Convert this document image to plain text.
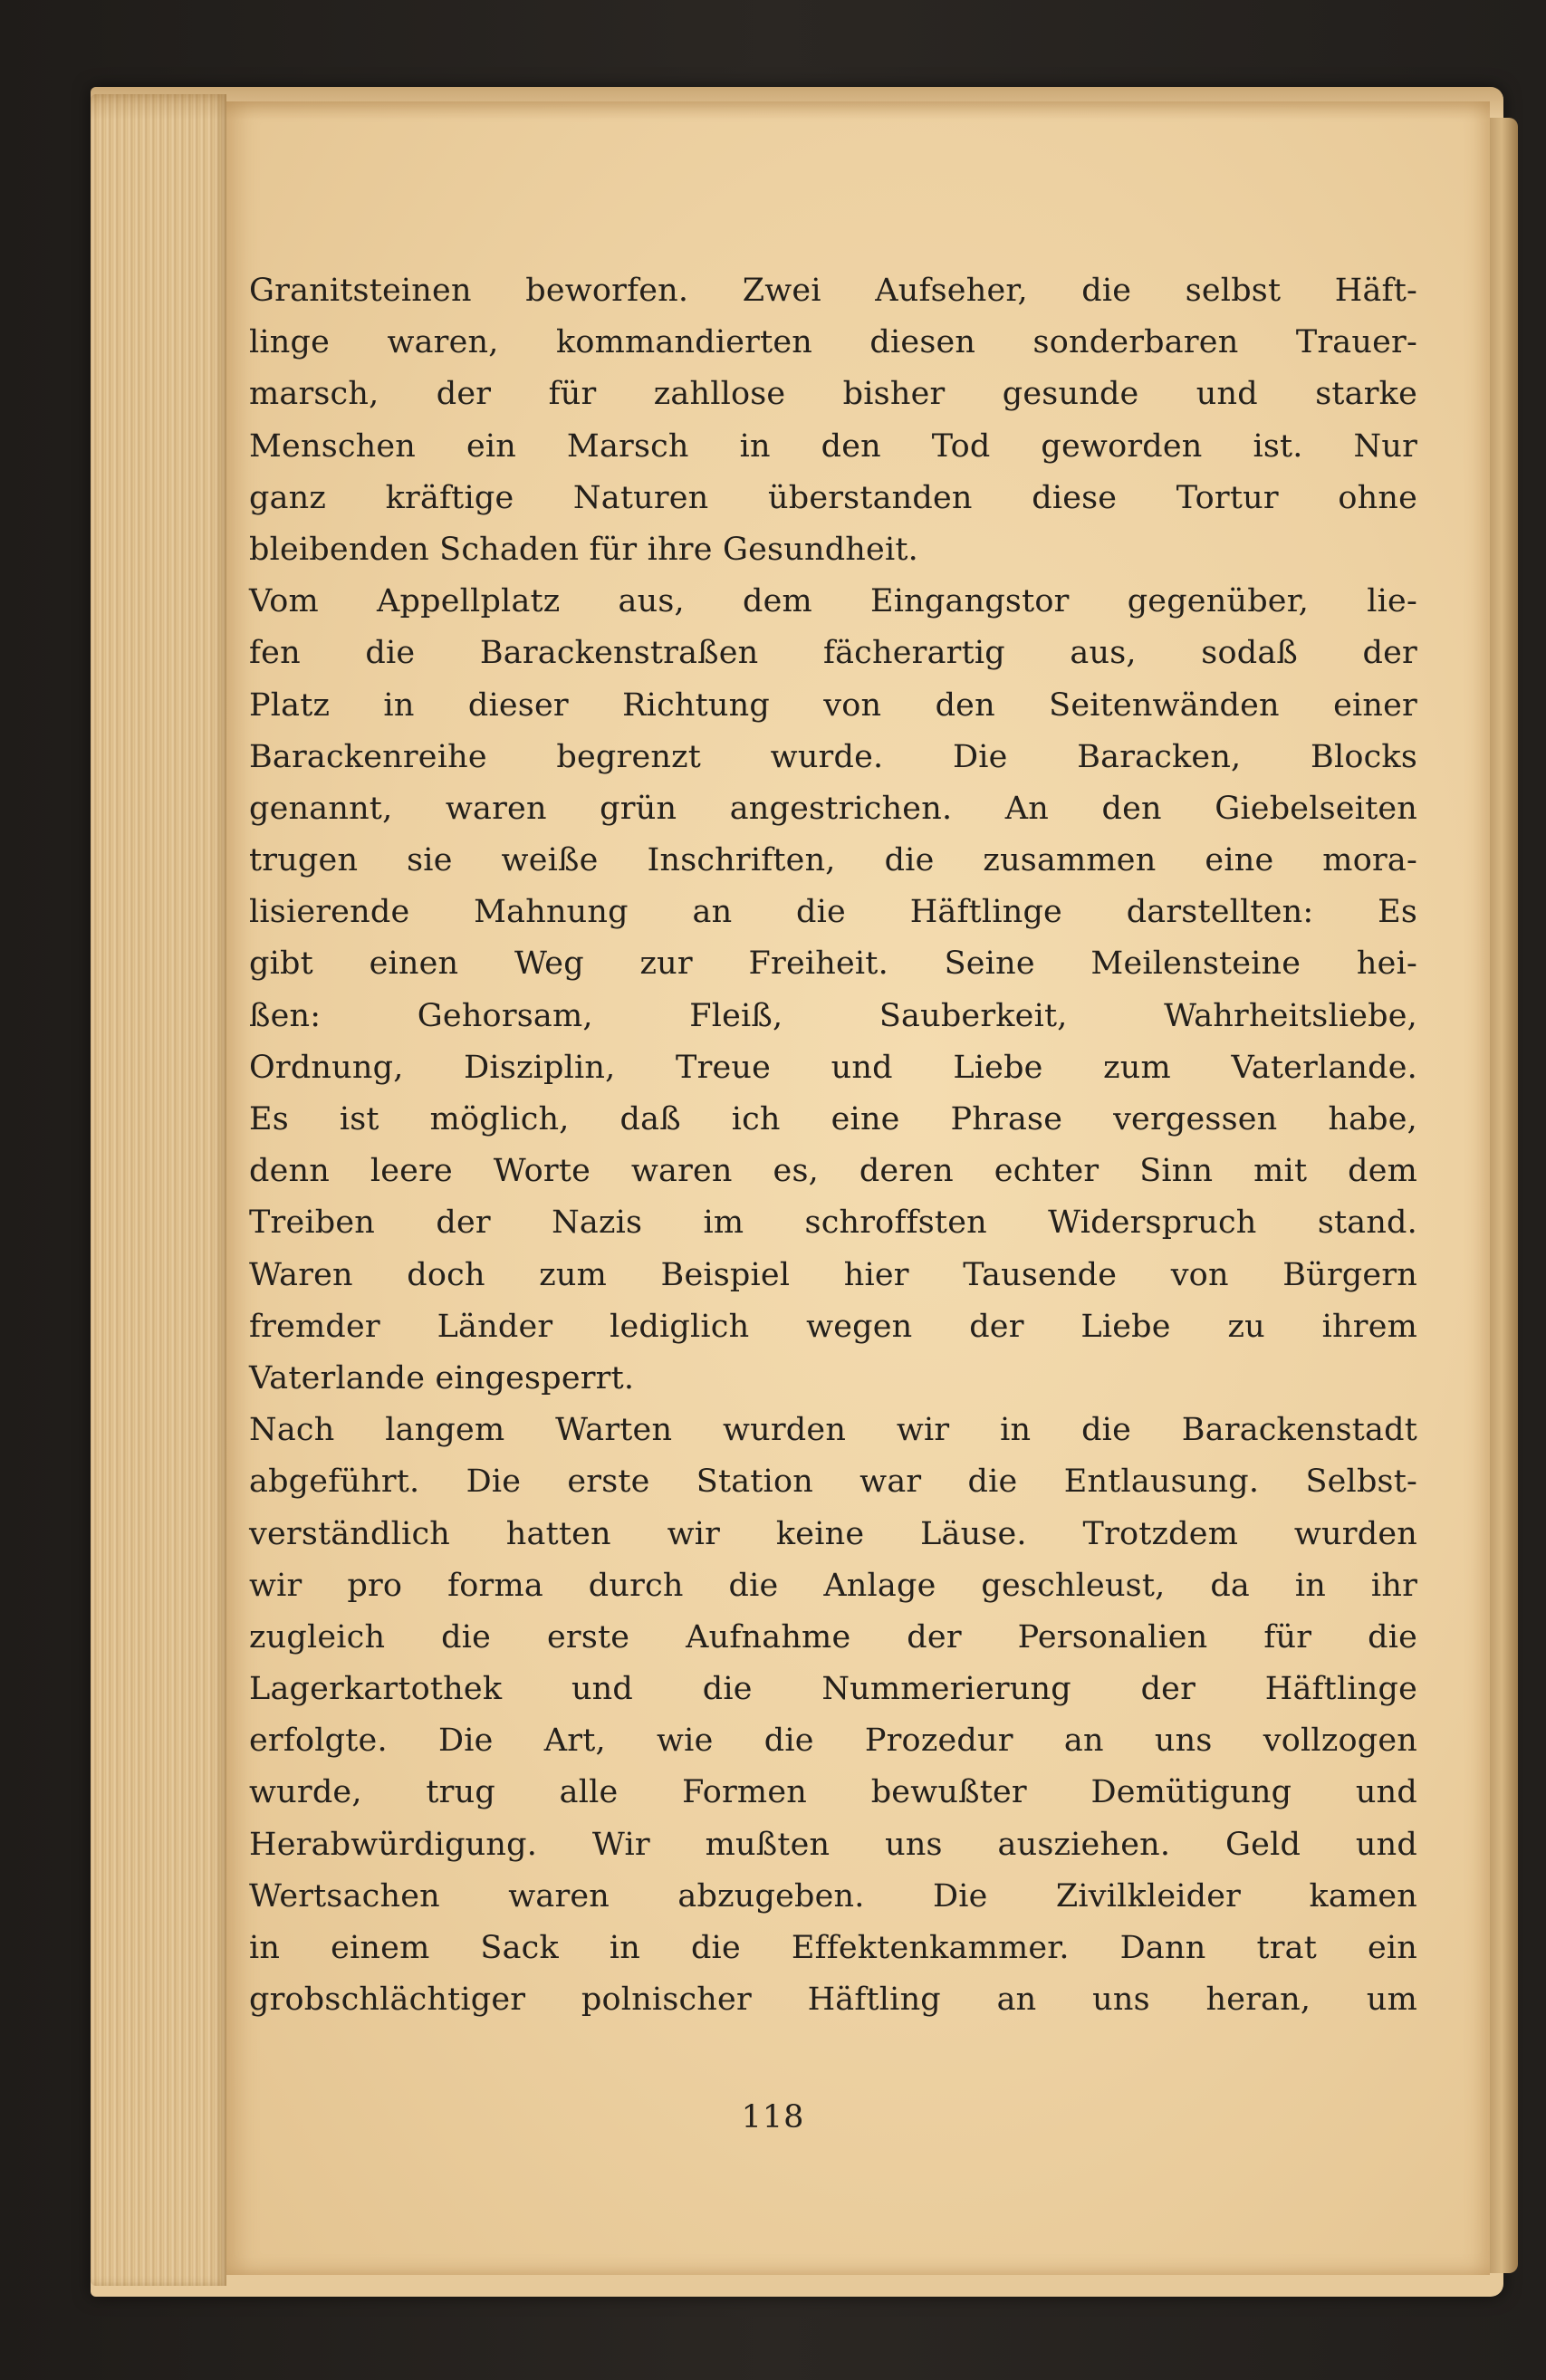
Granitsteinen beworfen. Zwei Aufseher, die selbst Häft-
linge waren, kommandierten diesen sonderbaren Trauer-
marsch, der für zahllose bisher gesunde und starke
Menschen ein Marsch in den Tod geworden ist. Nur
ganz kräftige Naturen überstanden diese Tortur ohne
bleibenden Schaden für ihre Gesundheit.
Vom Appellplatz aus, dem Eingangstor gegenüber, lie-
fen die Barackenstraßen fächerartig aus, sodaß der
Platz in dieser Richtung von den Seitenwänden einer
Barackenreihe begrenzt wurde. Die Baracken, Blocks
genannt, waren grün angestrichen. An den Giebelseiten
trugen sie weiße Inschriften, die zusammen eine mora-
lisierende Mahnung an die Häftlinge darstellten: Es
gibt einen Weg zur Freiheit. Seine Meilensteine hei-
ßen: Gehorsam, Fleiß, Sauberkeit, Wahrheitsliebe,
Ordnung, Disziplin, Treue und Liebe zum Vaterlande.
Es ist möglich, daß ich eine Phrase vergessen habe,
denn leere Worte waren es, deren echter Sinn mit dem
Treiben der Nazis im schroffsten Widerspruch stand.
Waren doch zum Beispiel hier Tausende von Bürgern
fremder Länder lediglich wegen der Liebe zu ihrem
Vaterlande eingesperrt.
Nach langem Warten wurden wir in die Barackenstadt
abgeführt. Die erste Station war die Entlausung. Selbst-
verständlich hatten wir keine Läuse. Trotzdem wurden
wir pro forma durch die Anlage geschleust, da in ihr
zugleich die erste Aufnahme der Personalien für die
Lagerkartothek und die Nummerierung der Häftlinge
erfolgte. Die Art, wie die Prozedur an uns vollzogen
wurde, trug alle Formen bewußter Demütigung und
Herabwürdigung. Wir mußten uns ausziehen. Geld und
Wertsachen waren abzugeben. Die Zivilkleider kamen
in einem Sack in die Effektenkammer. Dann trat ein
grobschlächtiger polnischer Häftling an uns heran, um
118
